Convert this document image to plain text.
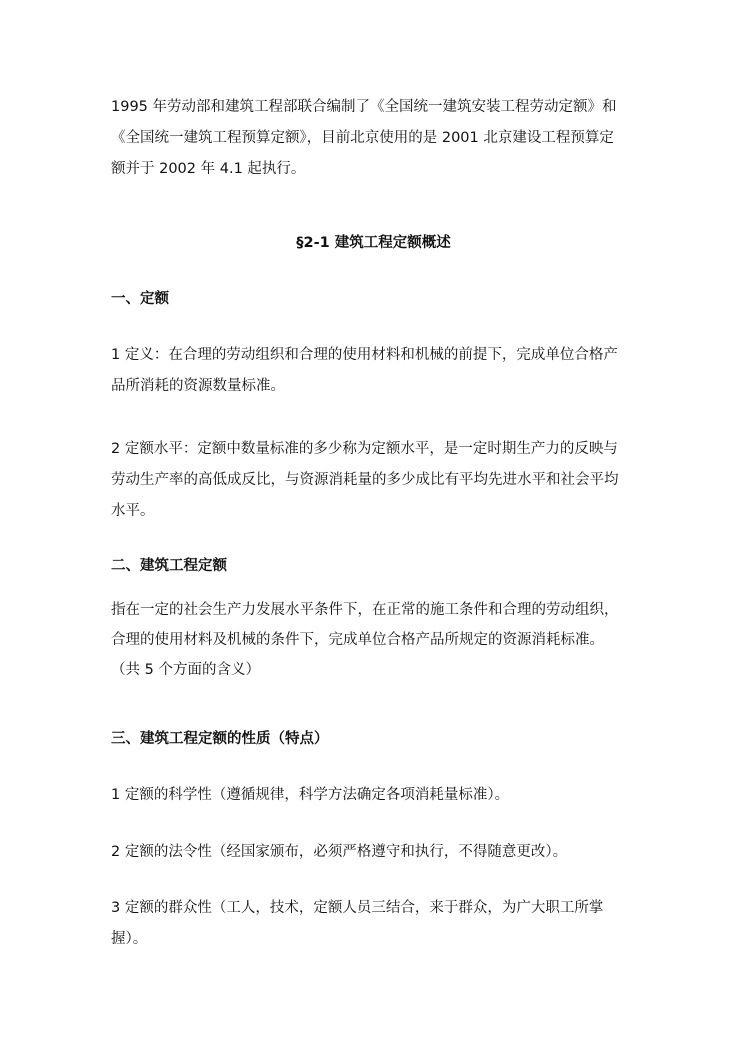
1995 年劳动部和建筑工程部联合编制了《全国统一建筑安装工程劳动定额》和
《全国统一建筑工程预算定额》，目前北京使用的是 2001 北京建设工程预算定
额并于 2002 年 4.1 起执行。
§2-1 建筑工程定额概述
一、定额
1 定义：在合理的劳动组织和合理的使用材料和机械的前提下，完成单位合格产
品所消耗的资源数量标准。
2 定额水平：定额中数量标准的多少称为定额水平，是一定时期生产力的反映与
劳动生产率的高低成反比，与资源消耗量的多少成比有平均先进水平和社会平均
水平。
二、建筑工程定额
指在一定的社会生产力发展水平条件下，在正常的施工条件和合理的劳动组织，
合理的使用材料及机械的条件下，完成单位合格产品所规定的资源消耗标准。
（共 5 个方面的含义）
三、建筑工程定额的性质（特点）
1 定额的科学性（遵循规律，科学方法确定各项消耗量标准）。
2 定额的法令性（经国家颁布，必须严格遵守和执行，不得随意更改）。
3 定额的群众性（工人，技术，定额人员三结合，来于群众，为广大职工所掌
握）。
